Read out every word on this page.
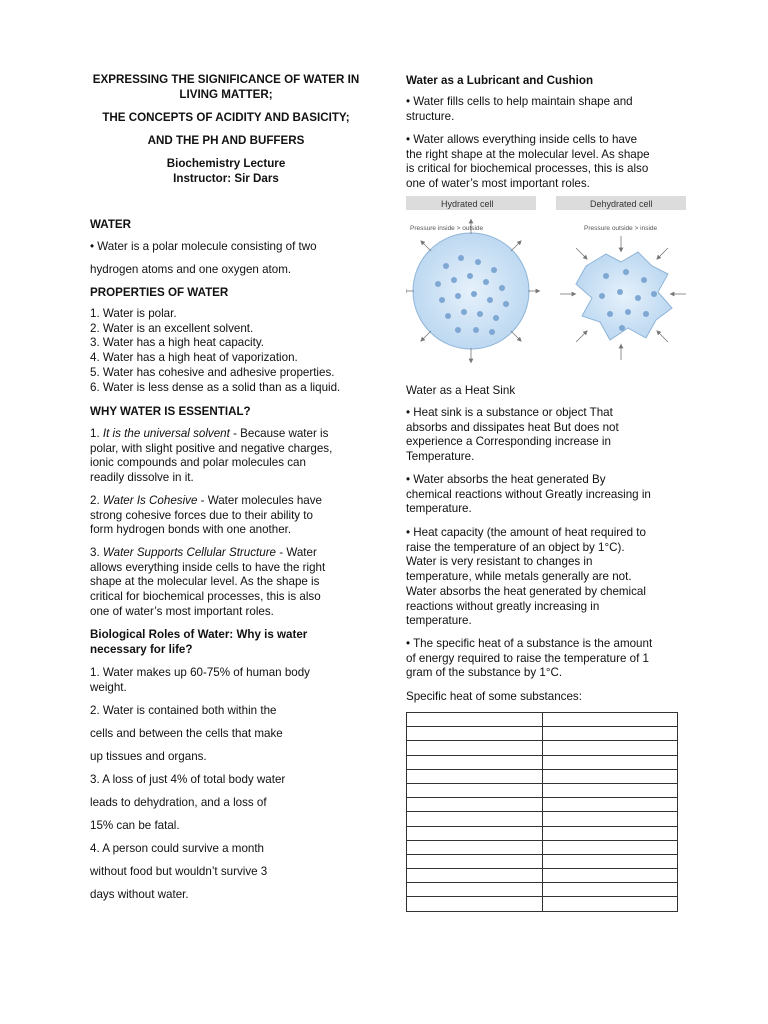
EXPRESSING THE SIGNIFICANCE OF WATER IN
LIVING MATTER;
THE CONCEPTS OF ACIDITY AND BASICITY;
AND THE PH AND BUFFERS
Biochemistry Lecture
Instructor: Sir Dars
WATER
• Water is a polar molecule consisting of two
hydrogen atoms and one oxygen atom.
PROPERTIES OF WATER
1. Water is polar.
2. Water is an excellent solvent.
3. Water has a high heat capacity.
4. Water has a high heat of vaporization.
5. Water has cohesive and adhesive properties.
6. Water is less dense as a solid than as a liquid.
WHY WATER IS ESSENTIAL?
1. It is the universal solvent - Because water is
polar, with slight positive and negative charges,
ionic compounds and polar molecules can
readily dissolve in it.
2. Water Is Cohesive - Water molecules have
strong cohesive forces due to their ability to
form hydrogen bonds with one another.
3. Water Supports Cellular Structure - Water
allows everything inside cells to have the right
shape at the molecular level. As the shape is
critical for biochemical processes, this is also
one of water’s most important roles.
Biological Roles of Water: Why is water
necessary for life?
1. Water makes up 60-75% of human body
weight.
2. Water is contained both within the
cells and between the cells that make
up tissues and organs.
3. A loss of just 4% of total body water
leads to dehydration, and a loss of
15% can be fatal.
4. A person could survive a month
without food but wouldn’t survive 3
days without water.
Water as a Lubricant and Cushion
• Water fills cells to help maintain shape and
structure.
• Water allows everything inside cells to have
the right shape at the molecular level. As shape
is critical for biochemical processes, this is also
one of water’s most important roles.
Hydrated cell	Dehydrated cell
Pressure inside > outside	Pressure outside > inside
Water as a Heat Sink
• Heat sink is a substance or object That
absorbs and dissipates heat But does not
experience a Corresponding increase in
Temperature.
• Water absorbs the heat generated By
chemical reactions without Greatly increasing in
temperature.
• Heat capacity (the amount of heat required to
raise the temperature of an object by 1°C).
Water is very resistant to changes in
temperature, while metals generally are not.
Water absorbs the heat generated by chemical
reactions without greatly increasing in
temperature.
• The specific heat of a substance is the amount
of energy required to raise the temperature of 1
gram of the substance by 1°C.
Specific heat of some substances:
